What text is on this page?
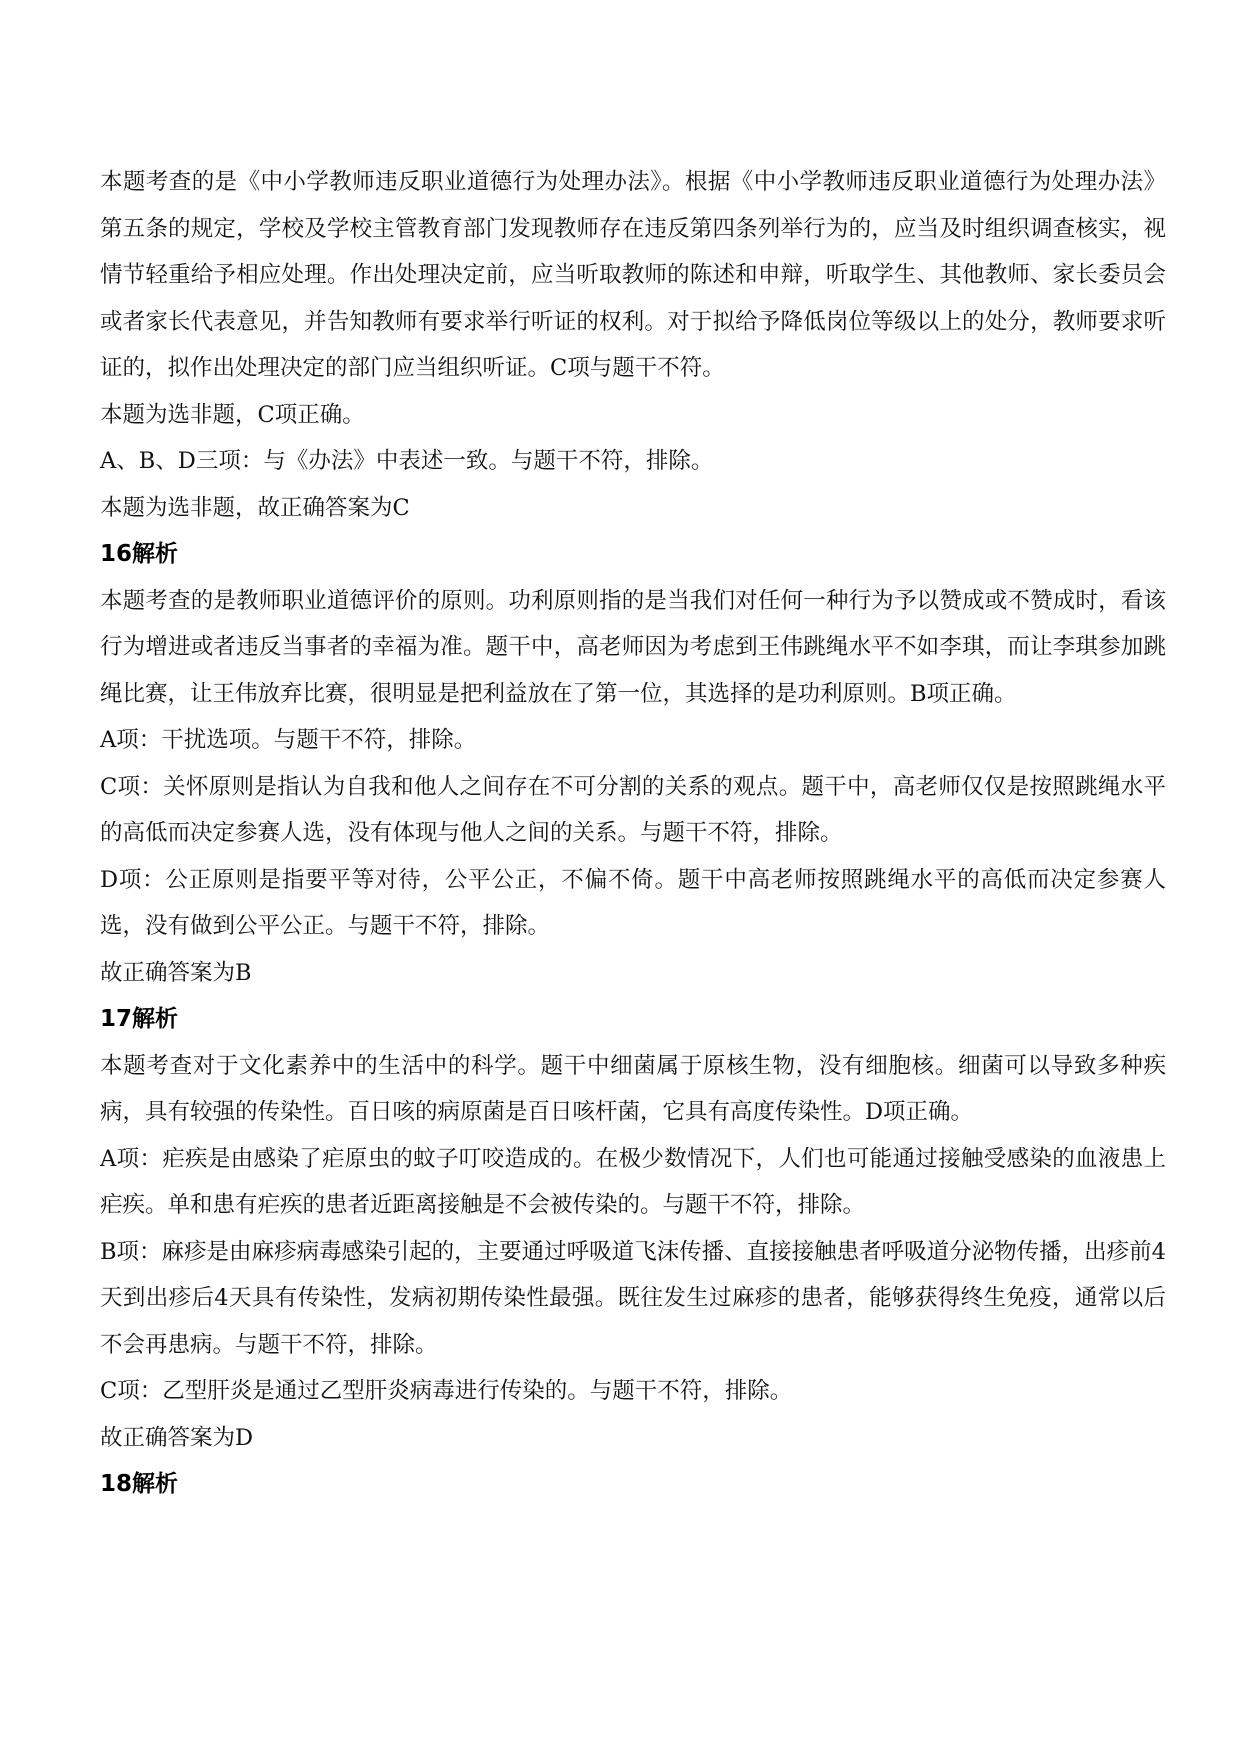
本题考查的是《中小学教师违反职业道德行为处理办法》。根据《中小学教师违反职业道德行为处理办法》第五条的规定，学校及学校主管教育部门发现教师存在违反第四条列举行为的，应当及时组织调查核实，视情节轻重给予相应处理。作出处理决定前，应当听取教师的陈述和申辩，听取学生、其他教师、家长委员会或者家长代表意见，并告知教师有要求举行听证的权利。对于拟给予降低岗位等级以上的处分，教师要求听证的，拟作出处理决定的部门应当组织听证。C项与题干不符。

本题为选非题，C项正确。

A、B、D三项：与《办法》中表述一致。与题干不符，排除。

本题为选非题，故正确答案为C

16解析

本题考查的是教师职业道德评价的原则。功利原则指的是当我们对任何一种行为予以赞成或不赞成时，看该行为增进或者违反当事者的幸福为准。题干中，高老师因为考虑到王伟跳绳水平不如李琪，而让李琪参加跳绳比赛，让王伟放弃比赛，很明显是把利益放在了第一位，其选择的是功利原则。B项正确。

A项：干扰选项。与题干不符，排除。

C项：关怀原则是指认为自我和他人之间存在不可分割的关系的观点。题干中，高老师仅仅是按照跳绳水平的高低而决定参赛人选，没有体现与他人之间的关系。与题干不符，排除。

D项：公正原则是指要平等对待，公平公正，不偏不倚。题干中高老师按照跳绳水平的高低而决定参赛人选，没有做到公平公正。与题干不符，排除。

故正确答案为B

17解析

本题考查对于文化素养中的生活中的科学。题干中细菌属于原核生物，没有细胞核。细菌可以导致多种疾病，具有较强的传染性。百日咳的病原菌是百日咳杆菌，它具有高度传染性。D项正确。

A项：疟疾是由感染了疟原虫的蚊子叮咬造成的。在极少数情况下，人们也可能通过接触受感染的血液患上疟疾。单和患有疟疾的患者近距离接触是不会被传染的。与题干不符，排除。

B项：麻疹是由麻疹病毒感染引起的，主要通过呼吸道飞沫传播、直接接触患者呼吸道分泌物传播，出疹前4天到出疹后4天具有传染性，发病初期传染性最强。既往发生过麻疹的患者，能够获得终生免疫，通常以后不会再患病。与题干不符，排除。

C项：乙型肝炎是通过乙型肝炎病毒进行传染的。与题干不符，排除。

故正确答案为D

18解析
